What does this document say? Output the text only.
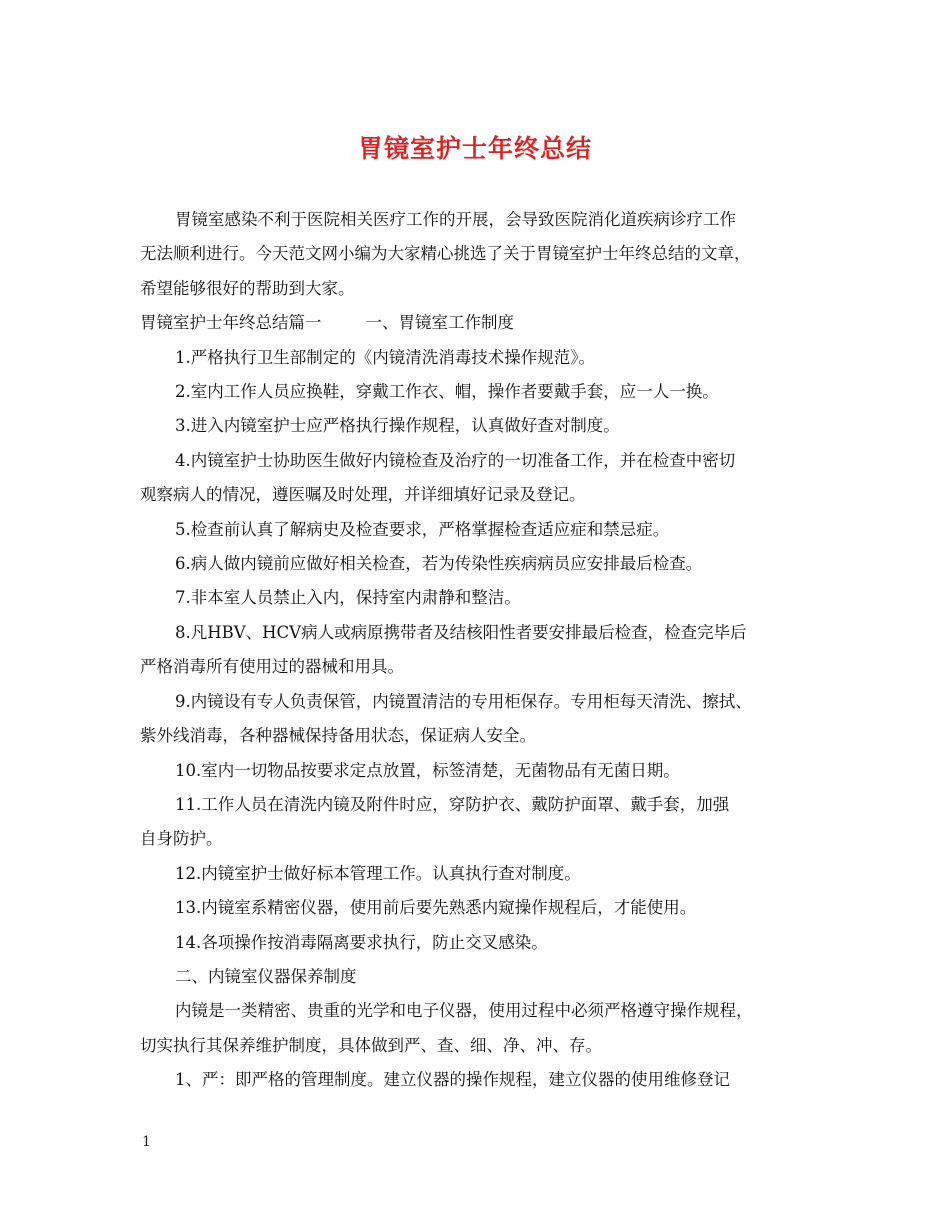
胃镜室护士年终总结

胃镜室感染不利于医院相关医疗工作的开展，会导致医院消化道疾病诊疗工作

无法顺利进行。今天范文网小编为大家精心挑选了关于胃镜室护士年终总结的文章，

希望能够很好的帮助到大家。

胃镜室护士年终总结篇一	一、胃镜室工作制度

1.严格执行卫生部制定的《内镜清洗消毒技术操作规范》。

2.室内工作人员应换鞋，穿戴工作衣、帽，操作者要戴手套，应一人一换。

3.进入内镜室护士应严格执行操作规程，认真做好查对制度。

4.内镜室护士协助医生做好内镜检查及治疗的一切准备工作，并在检查中密切

观察病人的情况，遵医嘱及时处理，并详细填好记录及登记。

5.检查前认真了解病史及检查要求，严格掌握检查适应症和禁忌症。

6.病人做内镜前应做好相关检查，若为传染性疾病病员应安排最后检查。

7.非本室人员禁止入内，保持室内肃静和整洁。

8.凡HBV、HCV病人或病原携带者及结核阳性者要安排最后检查，检查完毕后

严格消毒所有使用过的器械和用具。

9.内镜设有专人负责保管，内镜置清洁的专用柜保存。专用柜每天清洗、擦拭、

紫外线消毒，各种器械保持备用状态，保证病人安全。

10.室内一切物品按要求定点放置，标签清楚，无菌物品有无菌日期。

11.工作人员在清洗内镜及附件时应，穿防护衣、戴防护面罩、戴手套，加强

自身防护。

12.内镜室护士做好标本管理工作。认真执行查对制度。

13.内镜室系精密仪器，使用前后要先熟悉内窥操作规程后，才能使用。

14.各项操作按消毒隔离要求执行，防止交叉感染。

二、内镜室仪器保养制度

内镜是一类精密、贵重的光学和电子仪器，使用过程中必须严格遵守操作规程，

切实执行其保养维护制度，具体做到严、查、细、净、冲、存。

1、严：即严格的管理制度。建立仪器的操作规程，建立仪器的使用维修登记

1
